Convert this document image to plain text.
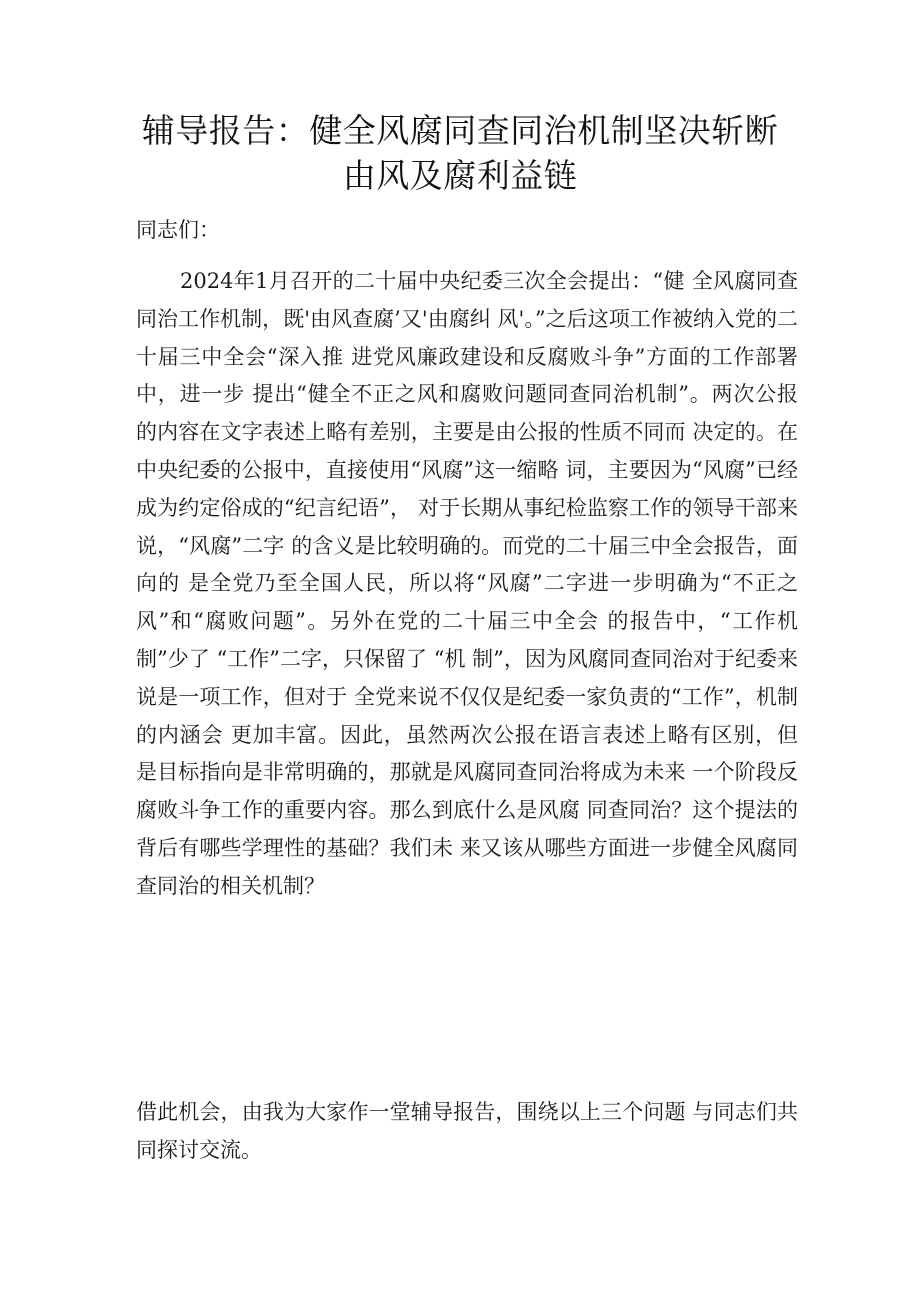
辅导报告：健全风腐同查同治机制坚决斩断由风及腐利益链

同志们：

2024年1月召开的二十届中央纪委三次全会提出：“健 全风腐同查同治工作机制，既'由风查腐’又'由腐纠 风'。”之后这项工作被纳入党的二十届三中全会“深入推 进党风廉政建设和反腐败斗争”方面的工作部署中，进一步 提出“健全不正之风和腐败问题同查同治机制”。两次公报 的内容在文字表述上略有差别，主要是由公报的性质不同而 决定的。在中央纪委的公报中，直接使用“风腐”这一缩略 词，主要因为“风腐”已经成为约定俗成的“纪言纪语”， 对于长期从事纪检监察工作的领导干部来说，“风腐”二字 的含义是比较明确的。而党的二十届三中全会报告，面向的 是全党乃至全国人民，所以将“风腐”二字进一步明确为“不正之风”和“腐败问题”。另外在党的二十届三中全会 的报告中，“工作机制”少了 “工作”二字，只保留了 “机 制”，因为风腐同查同治对于纪委来说是一项工作，但对于 全党来说不仅仅是纪委一家负责的“工作”，机制的内涵会 更加丰富。因此，虽然两次公报在语言表述上略有区别，但 是目标指向是非常明确的，那就是风腐同查同治将成为未来 一个阶段反腐败斗争工作的重要内容。那么到底什么是风腐 同查同治？这个提法的背后有哪些学理性的基础？我们未 来又该从哪些方面进一步健全风腐同查同治的相关机制？

借此机会，由我为大家作一堂辅导报告，围绕以上三个问题 与同志们共同探讨交流。
